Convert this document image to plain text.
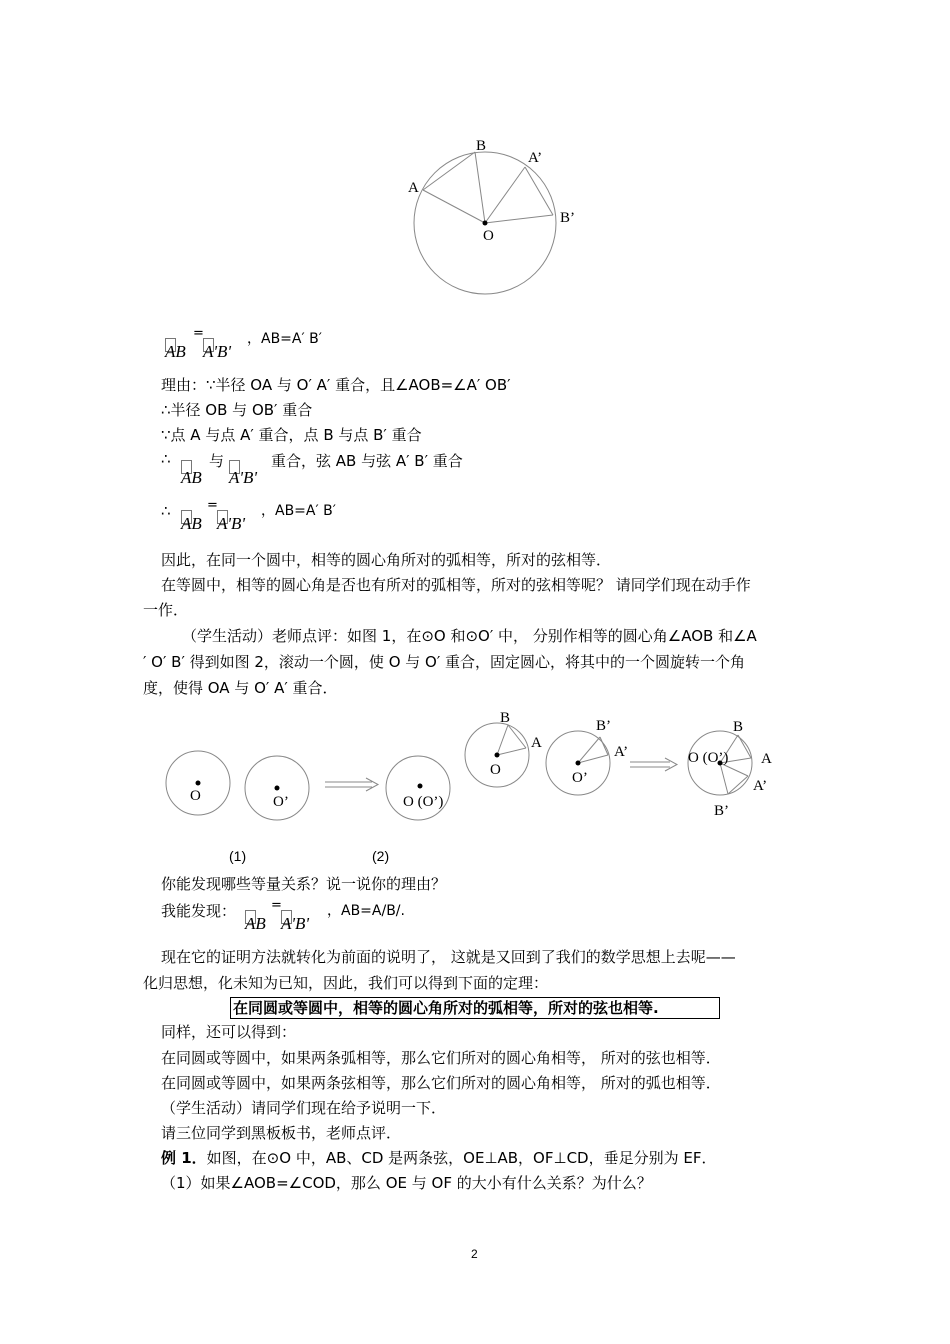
A
B
A’
B’
O
AB
=
A'B'
，AB=A′ B′
理由：∵半径 OA 与 O′ A′ 重合，且∠AOB=∠A′ OB′
∴半径 OB 与 OB′ 重合
∵点 A 与点 A′ 重合，点 B 与点 B′ 重合
∴
AB
与
A'B'
重合，弦 AB 与弦 A′ B′ 重合
∴
AB
=
A'B'
，AB=A′ B′
因此，在同一个圆中，相等的圆心角所对的弧相等，所对的弦相等．
在等圆中，相等的圆心角是否也有所对的弧相等，所对的弦相等呢？ 请同学们现在动手作
一作．
（学生活动）老师点评：如图 1，在⊙O 和⊙O′ 中， 分别作相等的圆心角∠AOB 和∠A
′ O′ B′ 得到如图 2，滚动一个圆，使 O 与 O′ 重合，固定圆心，将其中的一个圆旋转一个角
度，使得 OA 与 O′ A′ 重合．
O	O’	O (O’)
B
A
O
B’
A’
O’
O (O’)
B
A
A’
B’
(1)	(2)
你能发现哪些等量关系？说一说你的理由？
我能发现：
AB
=
A'B'
，AB=A/B/.
现在它的证明方法就转化为前面的说明了， 这就是又回到了我们的数学思想上去呢——
化归思想，化未知为已知，因此，我们可以得到下面的定理：
在同圆或等圆中，相等的圆心角所对的弧相等，所对的弦也相等.
同样，还可以得到：
在同圆或等圆中，如果两条弧相等，那么它们所对的圆心角相等， 所对的弦也相等．
在同圆或等圆中，如果两条弦相等，那么它们所对的圆心角相等， 所对的弧也相等．
（学生活动）请同学们现在给予说明一下．
请三位同学到黑板板书，老师点评．
例 1．如图，在⊙O 中，AB、CD 是两条弦，OE⊥AB，OF⊥CD，垂足分别为 EF．
（1）如果∠AOB=∠COD，那么 OE 与 OF 的大小有什么关系？为什么？
2
